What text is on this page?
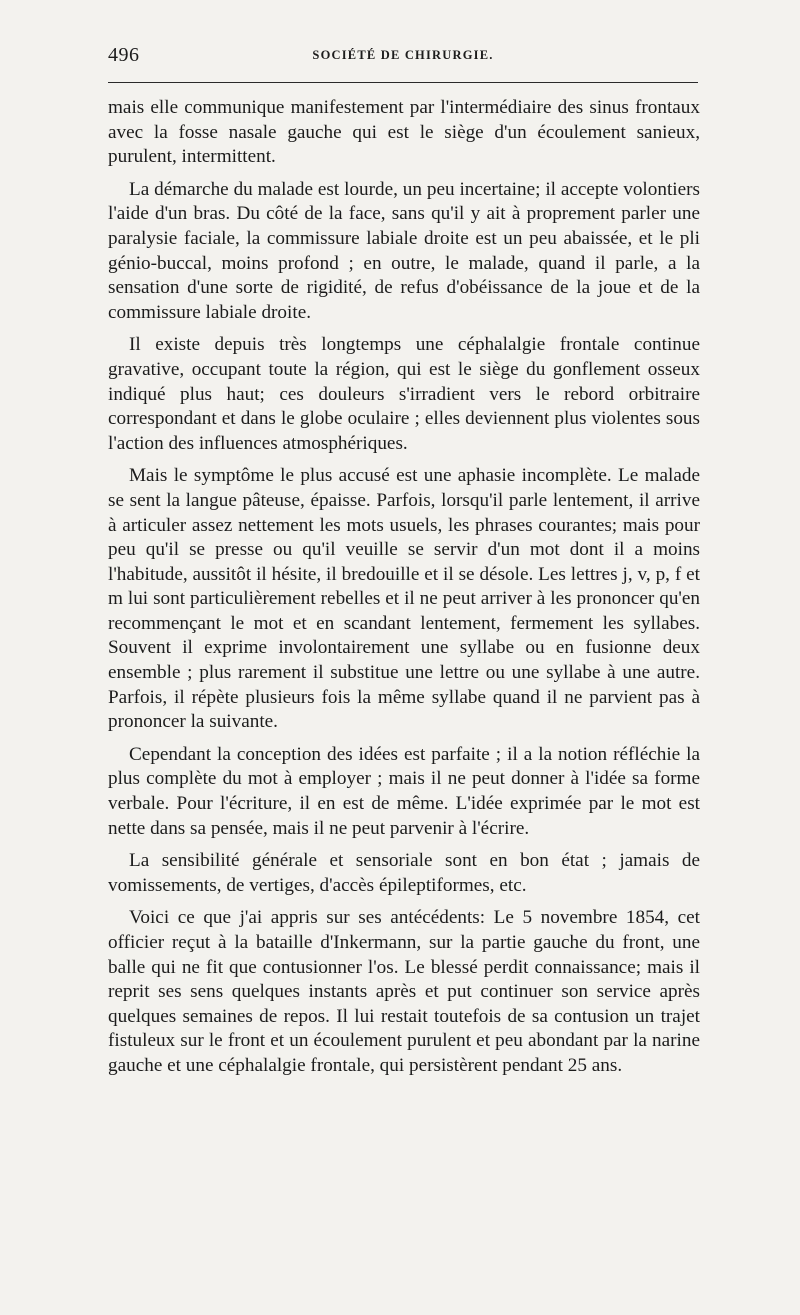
496	SOCIÉTÉ DE CHIRURGIE.

mais elle communique manifestement par l'intermédiaire des sinus frontaux avec la fosse nasale gauche qui est le siège d'un écoulement sanieux, purulent, intermittent.

La démarche du malade est lourde, un peu incertaine; il accepte volontiers l'aide d'un bras. Du côté de la face, sans qu'il y ait à proprement parler une paralysie faciale, la commissure labiale droite est un peu abaissée, et le pli génio-buccal, moins profond ; en outre, le malade, quand il parle, a la sensation d'une sorte de rigidité, de refus d'obéissance de la joue et de la commissure labiale droite.

Il existe depuis très longtemps une céphalalgie frontale continue gravative, occupant toute la région, qui est le siège du gonflement osseux indiqué plus haut; ces douleurs s'irradient vers le rebord orbitraire correspondant et dans le globe oculaire ; elles deviennent plus violentes sous l'action des influences atmosphériques.

Mais le symptôme le plus accusé est une aphasie incomplète. Le malade se sent la langue pâteuse, épaisse. Parfois, lorsqu'il parle lentement, il arrive à articuler assez nettement les mots usuels, les phrases courantes; mais pour peu qu'il se presse ou qu'il veuille se servir d'un mot dont il a moins l'habitude, aussitôt il hésite, il bredouille et il se désole. Les lettres j, v, p, f et m lui sont particulièrement rebelles et il ne peut arriver à les prononcer qu'en recommençant le mot et en scandant lentement, fermement les syllabes. Souvent il exprime involontairement une syllabe ou en fusionne deux ensemble ; plus rarement il substitue une lettre ou une syllabe à une autre. Parfois, il répète plusieurs fois la même syllabe quand il ne parvient pas à prononcer la suivante.

Cependant la conception des idées est parfaite ; il a la notion réfléchie la plus complète du mot à employer ; mais il ne peut donner à l'idée sa forme verbale. Pour l'écriture, il en est de même. L'idée exprimée par le mot est nette dans sa pensée, mais il ne peut parvenir à l'écrire.

La sensibilité générale et sensoriale sont en bon état ; jamais de vomissements, de vertiges, d'accès épileptiformes, etc.

Voici ce que j'ai appris sur ses antécédents: Le 5 novembre 1854, cet officier reçut à la bataille d'Inkermann, sur la partie gauche du front, une balle qui ne fit que contusionner l'os. Le blessé perdit connaissance; mais il reprit ses sens quelques instants après et put continuer son service après quelques semaines de repos. Il lui restait toutefois de sa contusion un trajet fistuleux sur le front et un écoulement purulent et peu abondant par la narine gauche et une céphalalgie frontale, qui persistèrent pendant 25 ans.
